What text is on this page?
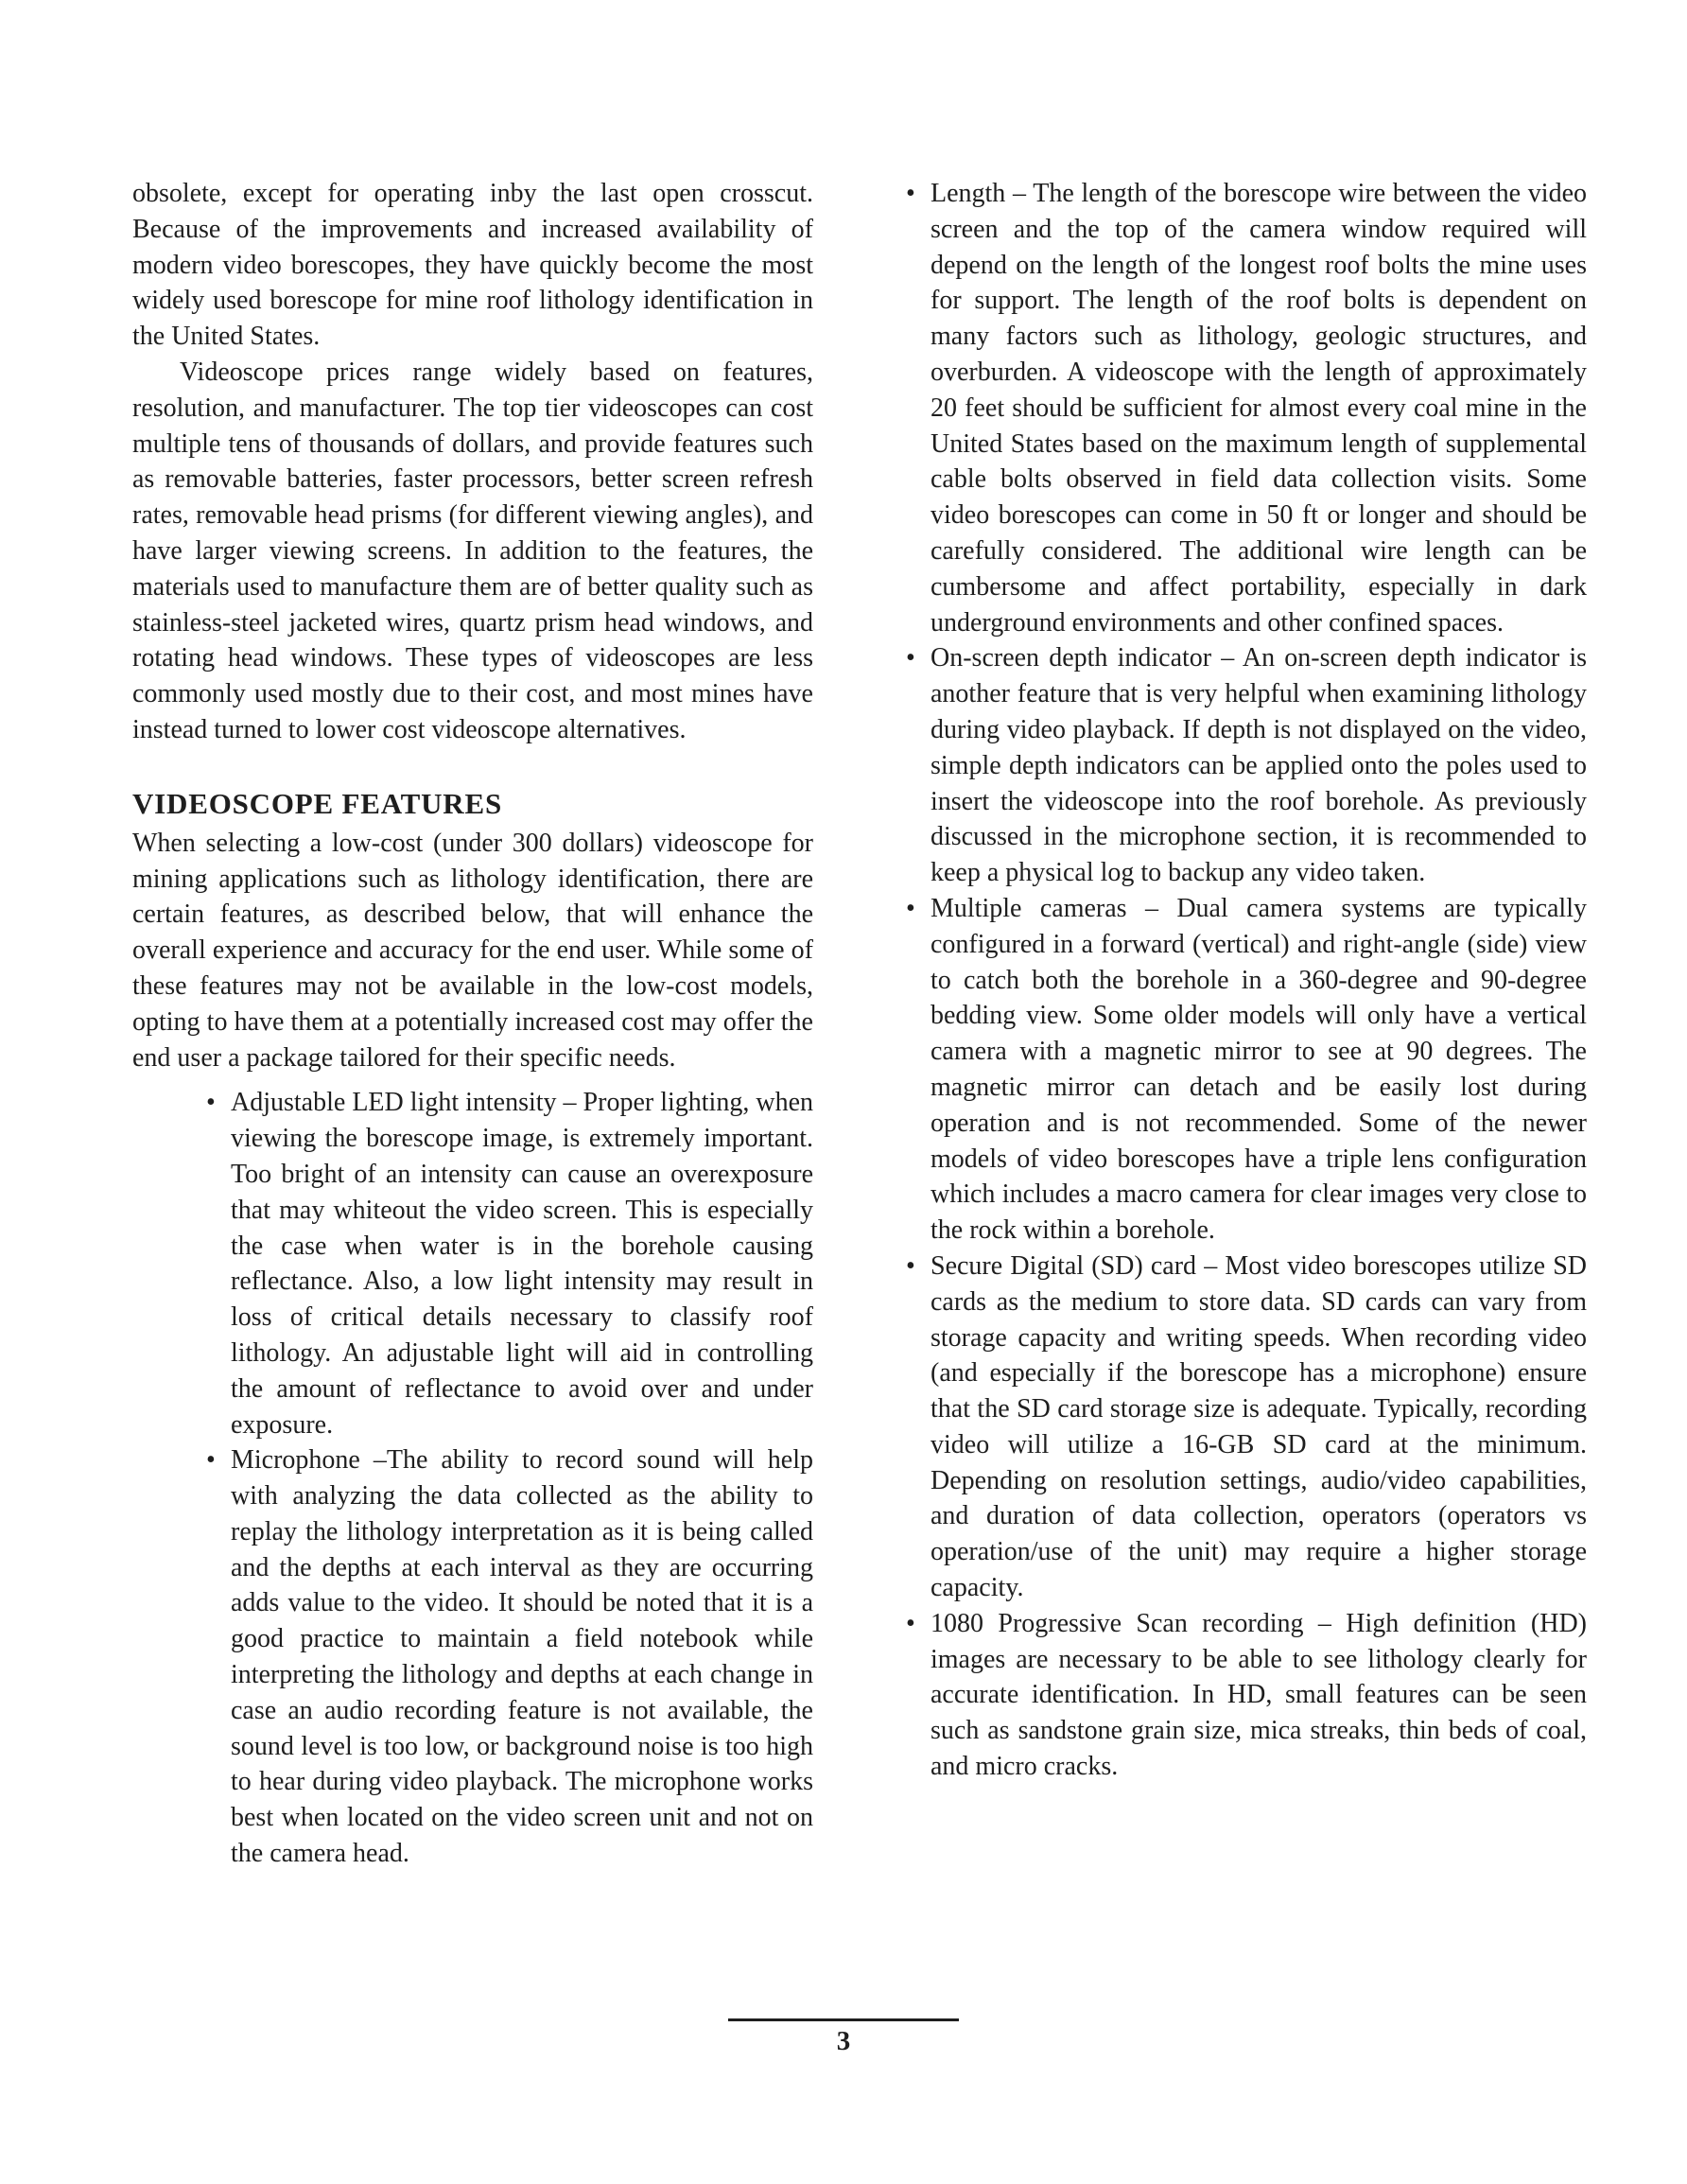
obsolete, except for operating inby the last open crosscut. Because of the improvements and increased availability of modern video borescopes, they have quickly become the most widely used borescope for mine roof lithology identification in the United States.

Videoscope prices range widely based on features, resolution, and manufacturer. The top tier videoscopes can cost multiple tens of thousands of dollars, and provide features such as removable batteries, faster processors, better screen refresh rates, removable head prisms (for different viewing angles), and have larger viewing screens. In addition to the features, the materials used to manufacture them are of better quality such as stainless-steel jacketed wires, quartz prism head windows, and rotating head windows. These types of videoscopes are less commonly used mostly due to their cost, and most mines have instead turned to lower cost videoscope alternatives.

VIDEOSCOPE FEATURES

When selecting a low-cost (under 300 dollars) videoscope for mining applications such as lithology identification, there are certain features, as described below, that will enhance the overall experience and accuracy for the end user. While some of these features may not be available in the low-cost models, opting to have them at a potentially increased cost may offer the end user a package tailored for their specific needs.

• Adjustable LED light intensity – Proper lighting, when viewing the borescope image, is extremely important. Too bright of an intensity can cause an overexposure that may whiteout the video screen. This is especially the case when water is in the borehole causing reflectance. Also, a low light intensity may result in loss of critical details necessary to classify roof lithology. An adjustable light will aid in controlling the amount of reflectance to avoid over and under exposure.
• Microphone –The ability to record sound will help with analyzing the data collected as the ability to replay the lithology interpretation as it is being called and the depths at each interval as they are occurring adds value to the video. It should be noted that it is a good practice to maintain a field notebook while interpreting the lithology and depths at each change in case an audio recording feature is not available, the sound level is too low, or background noise is too high to hear during video playback. The microphone works best when located on the video screen unit and not on the camera head.
• Length – The length of the borescope wire between the video screen and the top of the camera window required will depend on the length of the longest roof bolts the mine uses for support. The length of the roof bolts is dependent on many factors such as lithology, geologic structures, and overburden. A videoscope with the length of approximately 20 feet should be sufficient for almost every coal mine in the United States based on the maximum length of supplemental cable bolts observed in field data collection visits. Some video borescopes can come in 50 ft or longer and should be carefully considered. The additional wire length can be cumbersome and affect portability, especially in dark underground environments and other confined spaces.
• On-screen depth indicator – An on-screen depth indicator is another feature that is very helpful when examining lithology during video playback. If depth is not displayed on the video, simple depth indicators can be applied onto the poles used to insert the videoscope into the roof borehole. As previously discussed in the microphone section, it is recommended to keep a physical log to backup any video taken.
• Multiple cameras – Dual camera systems are typically configured in a forward (vertical) and right-angle (side) view to catch both the borehole in a 360-degree and 90-degree bedding view. Some older models will only have a vertical camera with a magnetic mirror to see at 90 degrees. The magnetic mirror can detach and be easily lost during operation and is not recommended. Some of the newer models of video borescopes have a triple lens configuration which includes a macro camera for clear images very close to the rock within a borehole.
• Secure Digital (SD) card – Most video borescopes utilize SD cards as the medium to store data. SD cards can vary from storage capacity and writing speeds. When recording video (and especially if the borescope has a microphone) ensure that the SD card storage size is adequate. Typically, recording video will utilize a 16-GB SD card at the minimum. Depending on resolution settings, audio/video capabilities, and duration of data collection, operators (operators vs operation/use of the unit) may require a higher storage capacity.
• 1080 Progressive Scan recording – High definition (HD) images are necessary to be able to see lithology clearly for accurate identification. In HD, small features can be seen such as sandstone grain size, mica streaks, thin beds of coal, and micro cracks.
3
